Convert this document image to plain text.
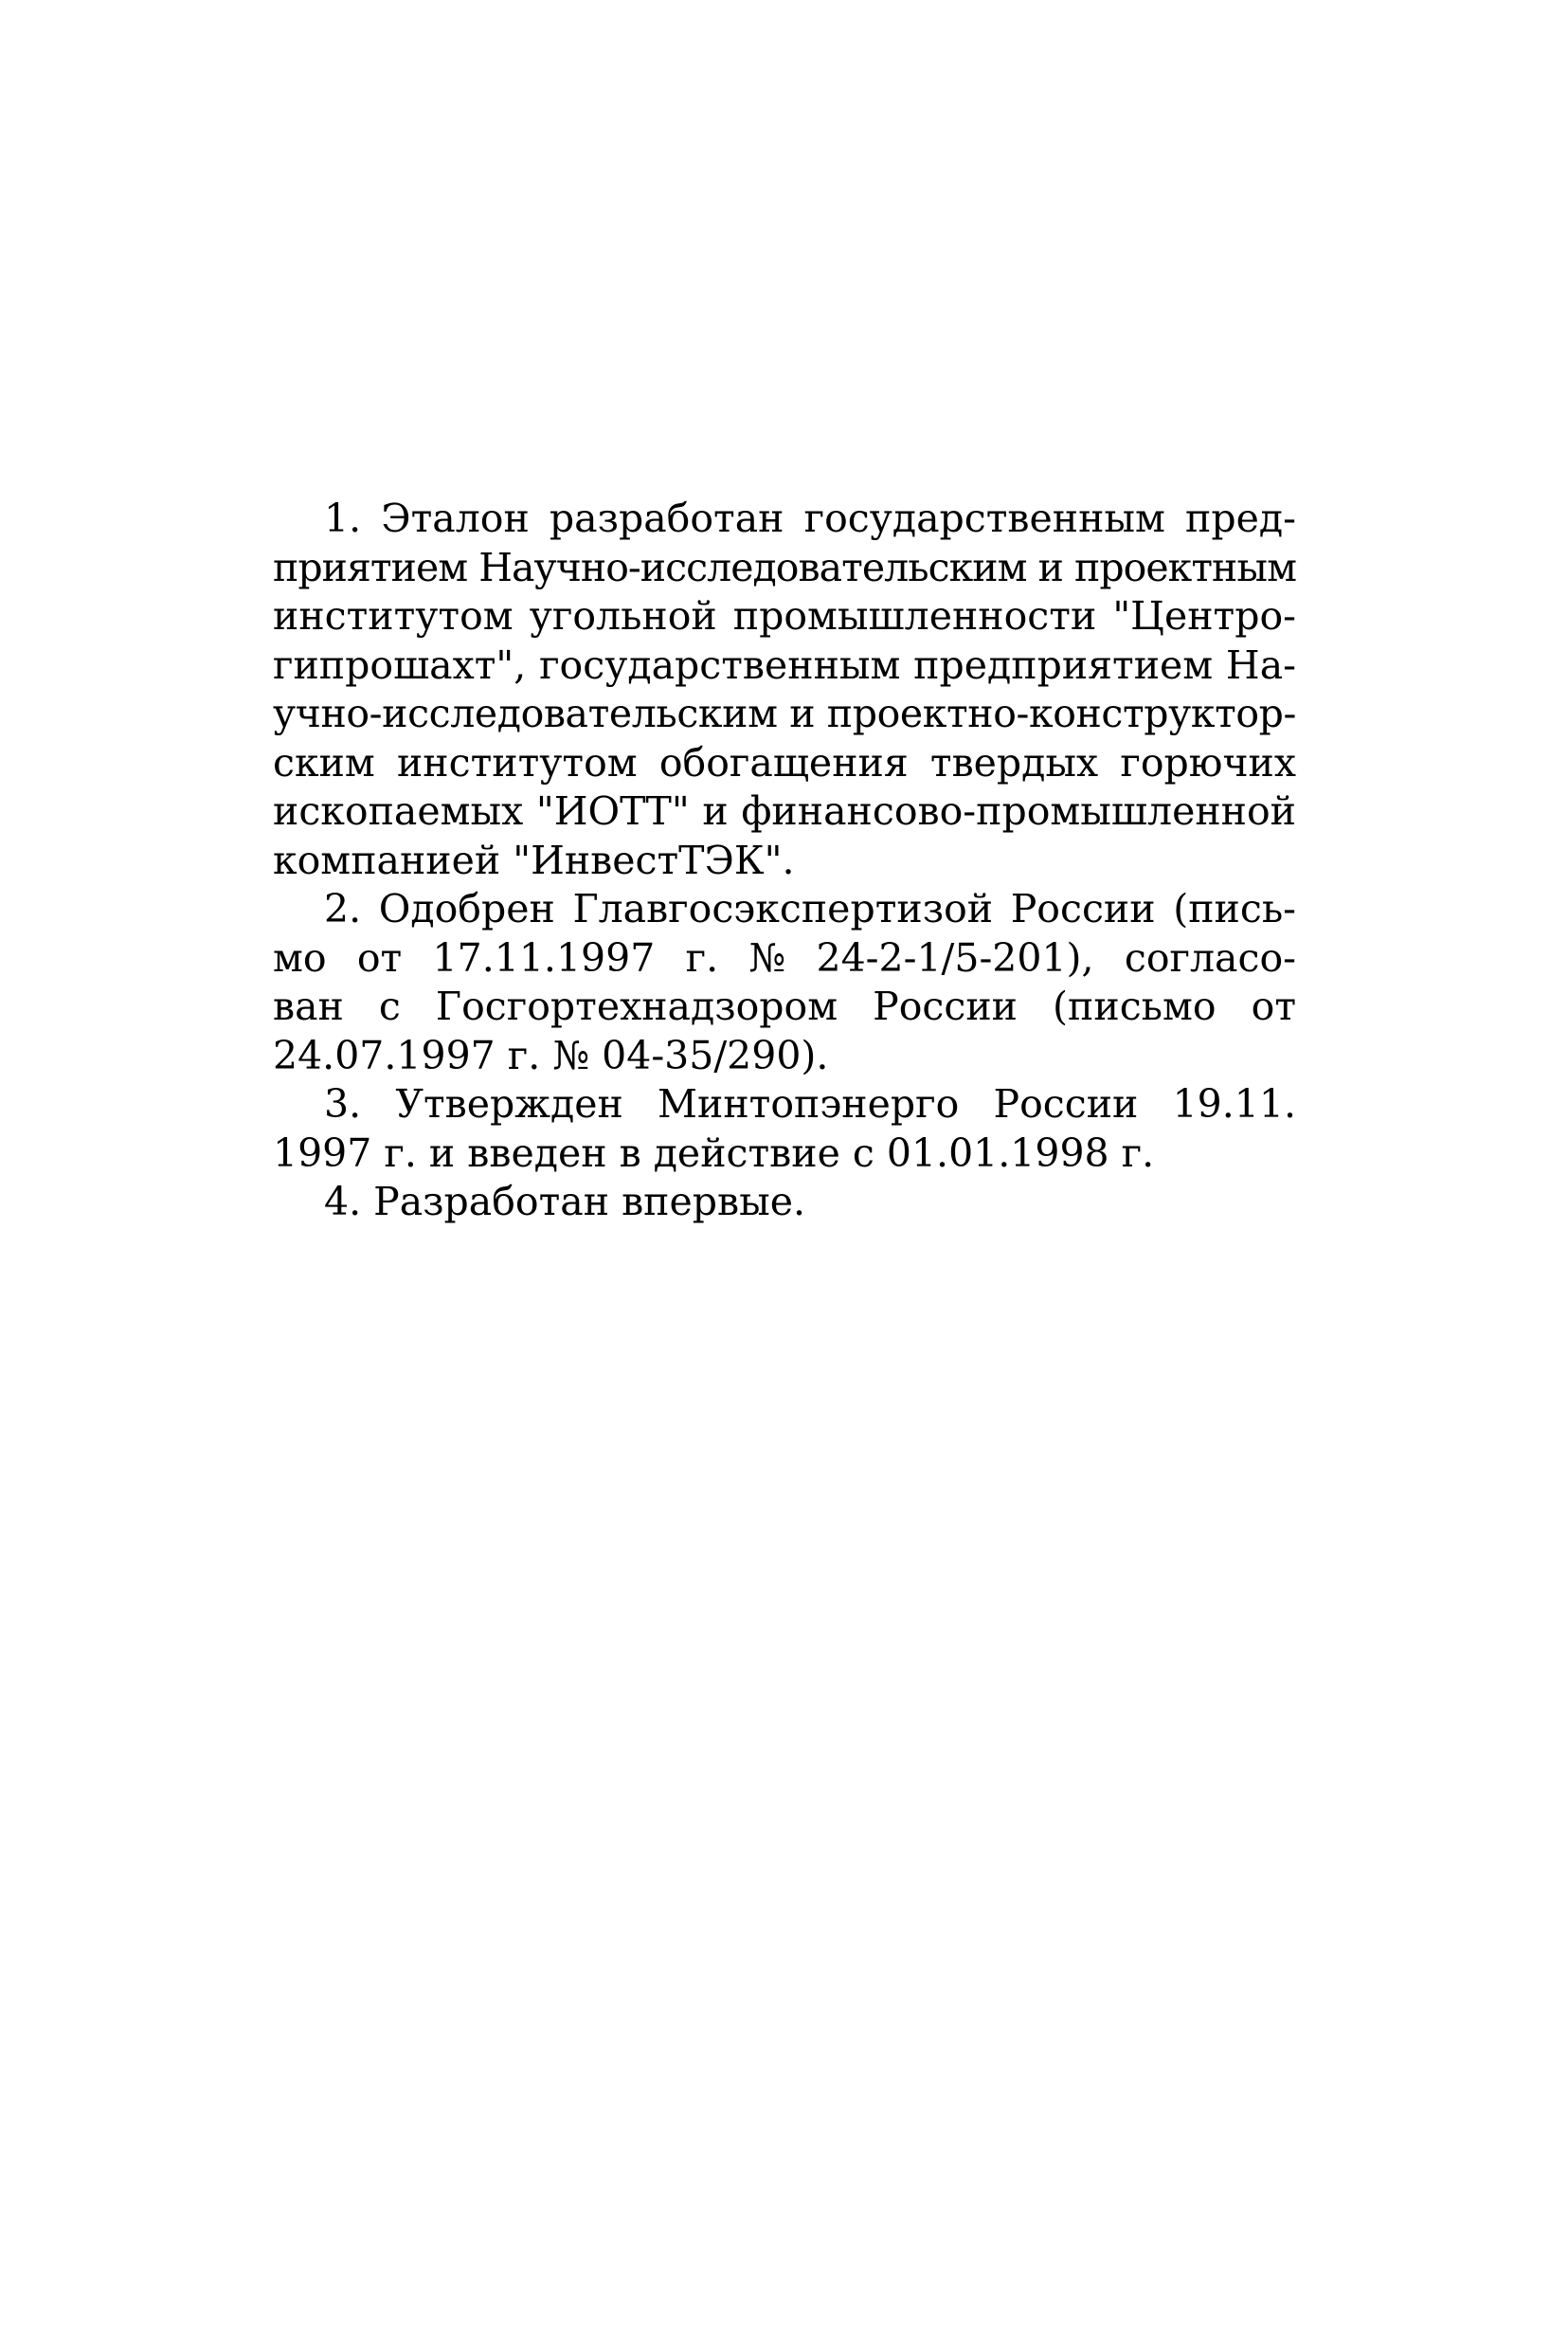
1. Эталон разработан государственным пред-
приятием Научно-исследовательским и проектным
институтом угольной промышленности "Центро-
гипрошахт", государственным предприятием На-
учно-исследовательским и проектно-конструктор-
ским институтом обогащения твердых горючих
ископаемых "ИОТТ" и финансово-промышленной
компанией "ИнвестТЭК".
2. Одобрен Главгосэкспертизой России (пись-
мо от 17.11.1997 г. № 24-2-1/5-201), согласо-
ван с Госгортехнадзором России (письмо от
24.07.1997 г. № 04-35/290).
3. Утвержден Минтопэнерго России 19.11.
1997 г. и введен в действие с 01.01.1998 г.
4. Разработан впервые.
